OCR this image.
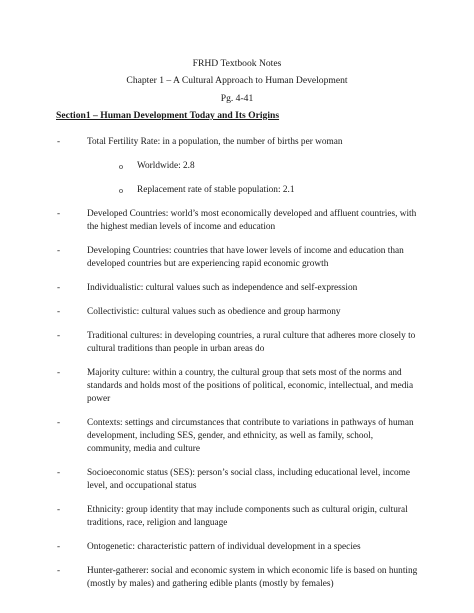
FRHD Textbook Notes
Chapter 1 – A Cultural Approach to Human Development
Pg. 4-41
Section1 – Human Development Today and Its Origins
-	Total Fertility Rate: in a population, the number of births per woman
o	Worldwide: 2.8
o	Replacement rate of stable population: 2.1
-	Developed Countries: world’s most economically developed and affluent countries, with the highest median levels of income and education
-	Developing Countries: countries that have lower levels of income and education than developed countries but are experiencing rapid economic growth
-	Individualistic: cultural values such as independence and self-expression
-	Collectivistic: cultural values such as obedience and group harmony
-	Traditional cultures: in developing countries, a rural culture that adheres more closely to cultural traditions than people in urban areas do
-	Majority culture: within a country, the cultural group that sets most of the norms and standards and holds most of the positions of political, economic, intellectual, and media power
-	Contexts: settings and circumstances that contribute to variations in pathways of human development, including SES, gender, and ethnicity, as well as family, school, community, media and culture
-	Socioeconomic status (SES): person’s social class, including educational level, income level, and occupational status
-	Ethnicity: group identity that may include components such as cultural origin, cultural traditions, race, religion and language
-	Ontogenetic: characteristic pattern of individual development in a species
-	Hunter-gatherer: social and economic system in which economic life is based on hunting (mostly by males) and gathering edible plants (mostly by females)
